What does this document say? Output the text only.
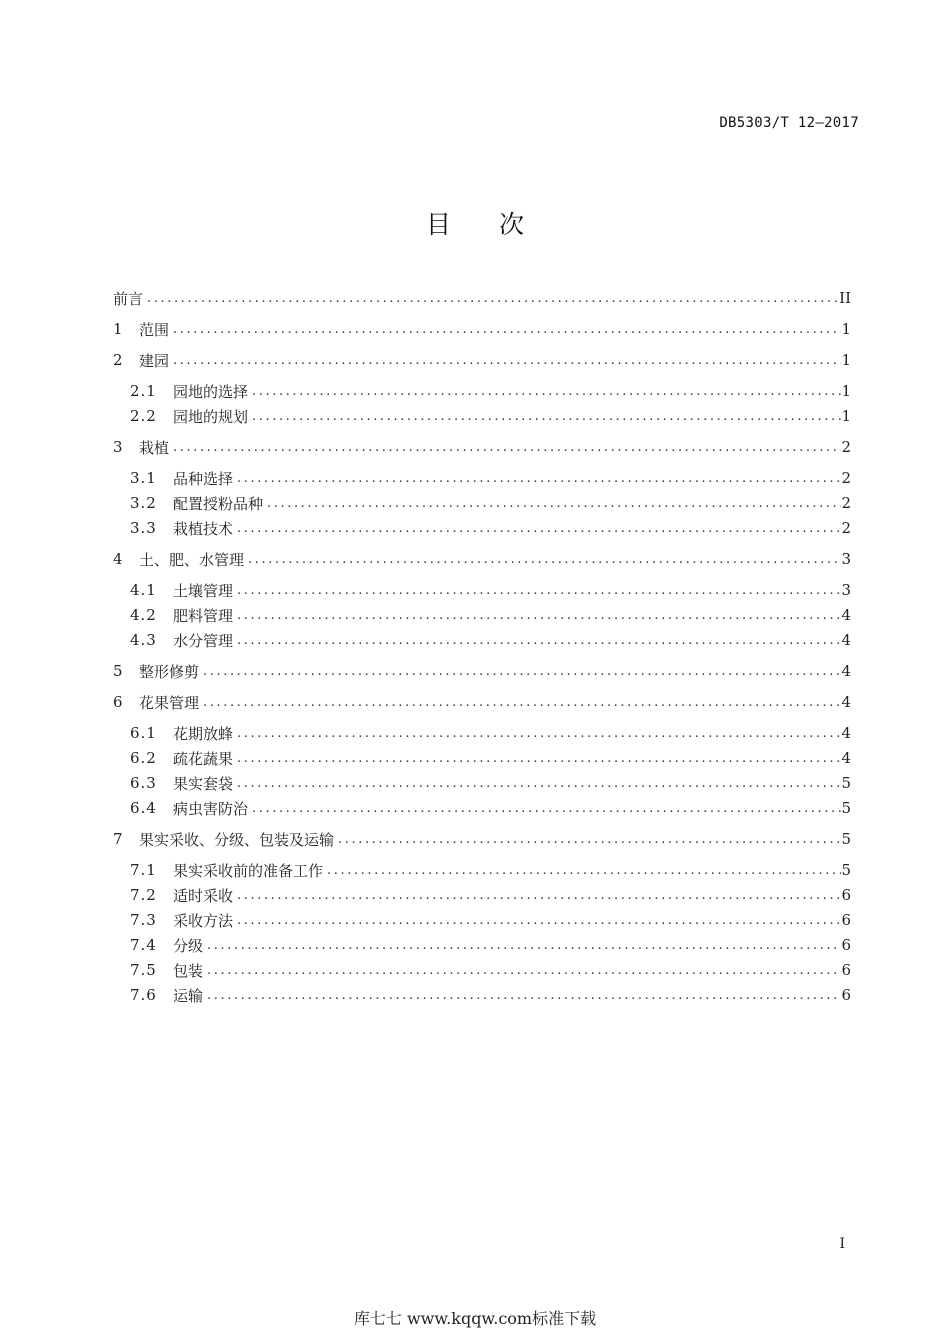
DB5303/T 12—2017
目次
前言 .....	II
1	范围 .....	1
2	建园 .....	1
2.1	园地的选择 .....	1
2.2	园地的规划 .....	1
3	栽植 .....	2
3.1	品种选择 .....	2
3.2	配置授粉品种 .....	2
3.3	栽植技术 .....	2
4	土、肥、水管理 .....	3
4.1	土壤管理 .....	3
4.2	肥料管理 .....	4
4.3	水分管理 .....	4
5	整形修剪 .....	4
6	花果管理 .....	4
6.1	花期放蜂 .....	4
6.2	疏花蔬果 .....	4
6.3	果实套袋 .....	5
6.4	病虫害防治 .....	5
7	果实采收、分级、包装及运输 .....	5
7.1	果实采收前的准备工作 .....	5
7.2	适时采收 .....	6
7.3	采收方法 .....	6
7.4	分级 .....	6
7.5	包装 .....	6
7.6	运输 .....	6
I
库七七 www.kqqw.com标准下载
